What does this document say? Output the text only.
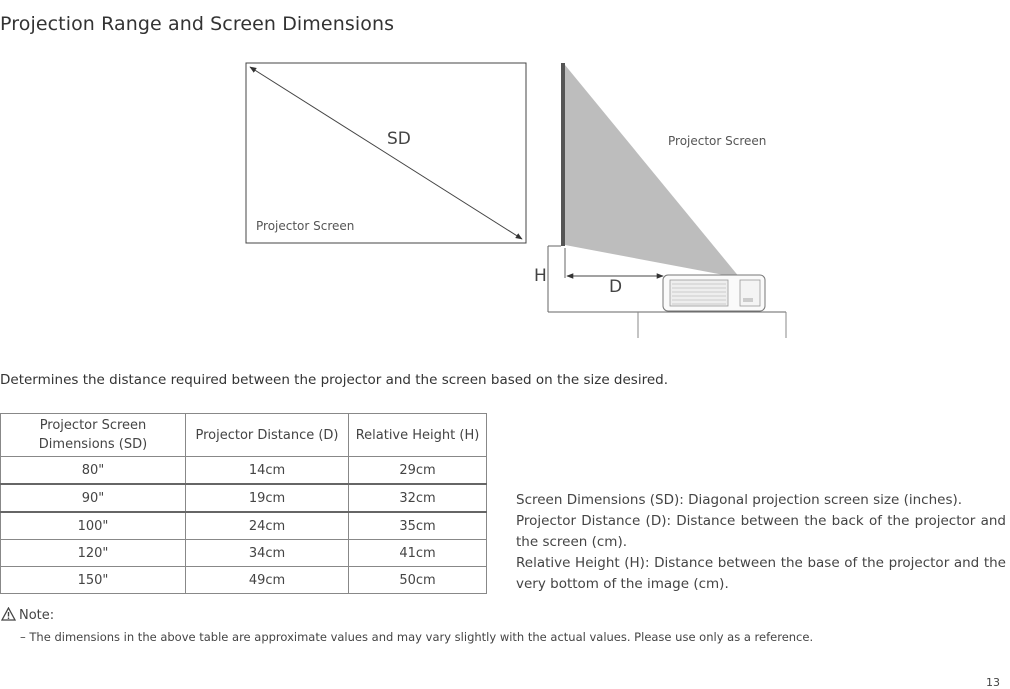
Projection Range and Screen Dimensions
SD
Projector Screen
Projector Screen
H
D
Determines the distance required between the projector and the screen based on the size desired.
Projector Screen Dimensions (SD)	Projector Distance (D)	Relative Height (H)
80"	14cm	29cm
90"	19cm	32cm
100"	24cm	35cm
120"	34cm	41cm
150"	49cm	50cm

Screen Dimensions (SD): Diagonal projection screen size (inches).

Projector Distance (D): Distance between the back of the projector and the screen (cm).

Relative Height (H): Distance between the base of the projector and the very bottom of the image (cm).

Note:
– The dimensions in the above table are approximate values and may vary slightly with the actual values. Please use only as a reference.
13
